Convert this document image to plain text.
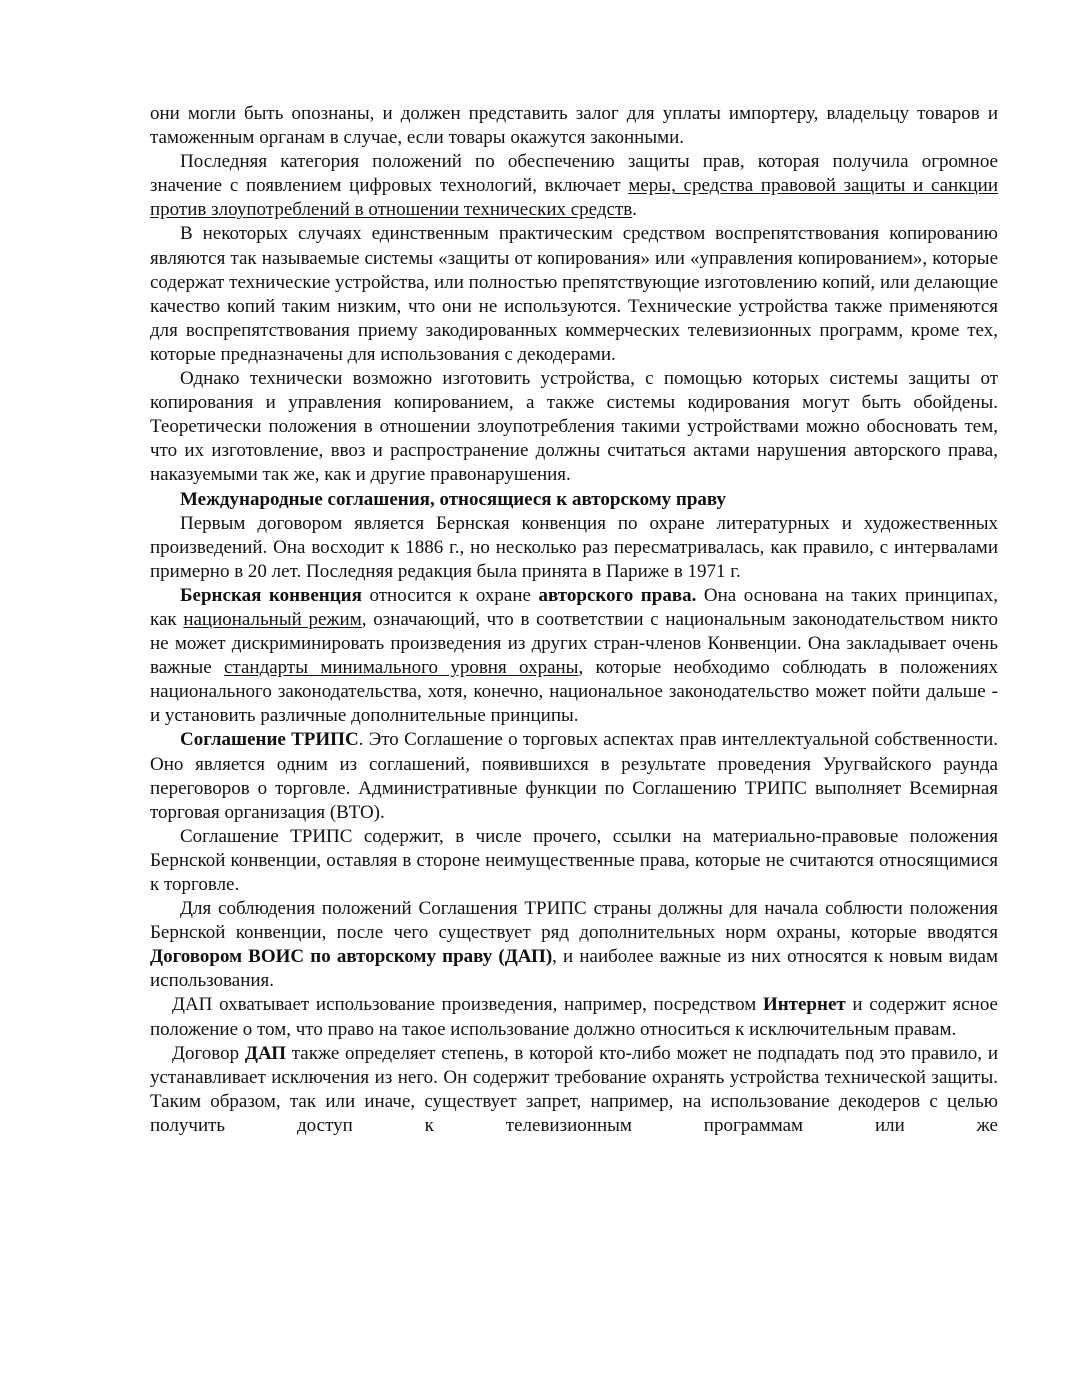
они могли быть опознаны, и должен представить залог для уплаты импортеру, владельцу товаров и таможенным органам в случае, если товары окажутся законными.

Последняя категория положений по обеспечению защиты прав, которая получила огромное значение с появлением цифровых технологий, включает меры, средства правовой защиты и санкции против злоупотреблений в отношении технических средств.

В некоторых случаях единственным практическим средством воспрепятствования копированию являются так называемые системы «защиты от копирования» или «управления копированием», которые содержат технические устройства, или полностью препятствующие изготовлению копий, или делающие качество копий таким низким, что они не используются. Технические устройства также применяются для воспрепятствования приему закодированных коммерческих телевизионных программ, кроме тех, которые предназначены для использования с декодерами.

Однако технически возможно изготовить устройства, с помощью которых системы защиты от копирования и управления копированием, а также системы кодирования могут быть обойдены. Теоретически положения в отношении злоупотребления такими устройствами можно обосновать тем, что их изготовление, ввоз и распространение должны считаться актами нарушения авторского права, наказуемыми так же, как и другие правонарушения.

Международные соглашения, относящиеся к авторскому праву

Первым договором является Бернская конвенция по охране литературных и художественных произведений. Она восходит к 1886 г., но несколько раз пересматривалась, как правило, с интервалами примерно в 20 лет. Последняя редакция была принята в Париже в 1971 г.

Бернская конвенция относится к охране авторского права. Она основана на таких принципах, как национальный режим, означающий, что в соответствии с национальным законодательством никто не может дискриминировать произведения из других стран-членов Конвенции. Она закладывает очень важные стандарты минимального уровня охраны, которые необходимо соблюдать в положениях национального законодательства, хотя, конечно, национальное законодательство может пойти дальше - и установить различные дополнительные принципы.

Соглашение ТРИПС. Это Соглашение о торговых аспектах прав интеллектуальной собственности. Оно является одним из соглашений, появившихся в результате проведения Уругвайского раунда переговоров о торговле. Административные функции по Соглашению ТРИПС выполняет Всемирная торговая организация (ВТО).

Соглашение ТРИПС содержит, в числе прочего, ссылки на материально-правовые положения Бернской конвенции, оставляя в стороне неимущественные права, которые не считаются относящимися к торговле.

Для соблюдения положений Соглашения ТРИПС страны должны для начала соблюсти положения Бернской конвенции, после чего существует ряд дополнительных норм охраны, которые вводятся Договором ВОИС по авторскому праву (ДАП), и наиболее важные из них относятся к новым видам использования.

ДАП охватывает использование произведения, например, посредством Интернет и содержит ясное положение о том, что право на такое использование должно относиться к исключительным правам.

Договор ДАП также определяет степень, в которой кто-либо может не подпадать под это правило, и устанавливает исключения из него. Он содержит требование охранять устройства технической защиты. Таким образом, так или иначе, существует запрет, например, на использование декодеров с целью получить доступ к телевизионным программам или же
